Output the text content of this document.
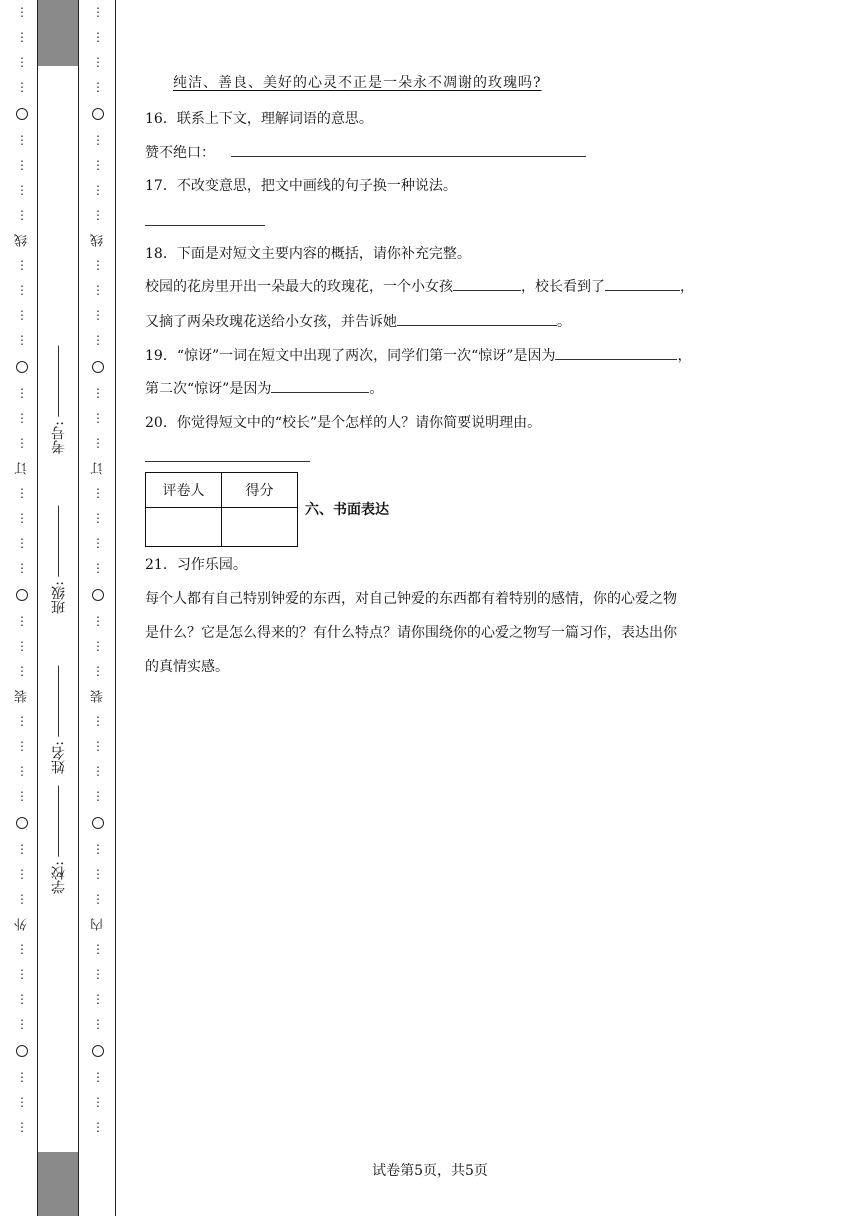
⋮
⋮
⋮
⋮
⋮
⋮
⋮
⋮
线
⋮
⋮
⋮
⋮
⋮
⋮
⋮
订
⋮
⋮
⋮
⋮
⋮
⋮
⋮
装
⋮
⋮
⋮
⋮
⋮
⋮
⋮
外
⋮
⋮
⋮
⋮
⋮
⋮
⋮
考号:
班级:
姓名:
学校:
⋮
⋮
⋮
⋮
⋮
⋮
⋮
⋮
线
⋮
⋮
⋮
⋮
⋮
⋮
⋮
订
⋮
⋮
⋮
⋮
⋮
⋮
⋮
装
⋮
⋮
⋮
⋮
⋮
⋮
⋮
内
⋮
⋮
⋮
⋮
⋮
⋮
⋮
纯洁、善良、美好的心灵不正是一朵永不凋谢的玫瑰吗?
16．联系上下文，理解词语的意思。
赞不绝口：
17．不改变意思，把文中画线的句子换一种说法。
18．下面是对短文主要内容的概括，请你补充完整。
校园的花房里开出一朵最大的玫瑰花，一个小女孩	，校长看到了	，
又摘了两朵玫瑰花送给小女孩，并告诉她	。
19．“惊讶”一词在短文中出现了两次，同学们第一次“惊讶”是因为	，
第二次“惊讶”是因为	。
20．你觉得短文中的“校长”是个怎样的人？请你简要说明理由。
评卷人	得分

六、书面表达
21．习作乐园。
每个人都有自己特别钟爱的东西，对自己钟爱的东西都有着特别的感情，你的心爱之物
是什么？它是怎么得来的？有什么特点？请你围绕你的心爱之物写一篇习作，表达出你
的真情实感。
试卷第5页，共5页
